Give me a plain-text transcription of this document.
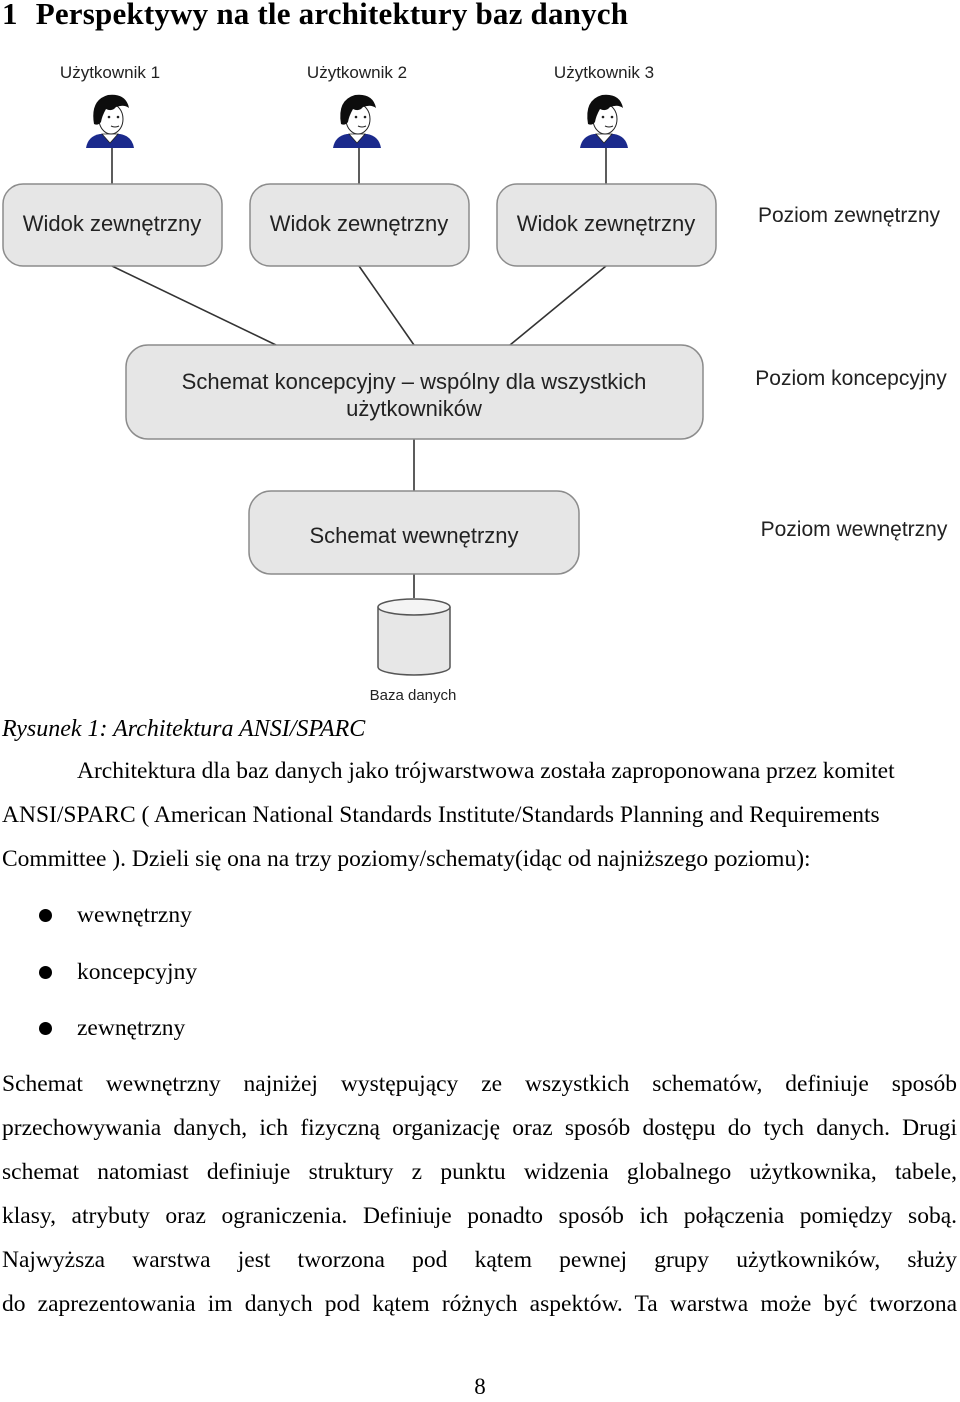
1 Perspektywy na tle architektury baz danych
Użytkownik 1	Użytkownik 2	Użytkownik 3
Widok zewnętrzny	Widok zewnętrzny	Widok zewnętrzny
Schemat koncepcyjny – wspólny dla wszystkich
użytkowników
Schemat wewnętrzny
Baza danych
Poziom zewnętrzny
Poziom koncepcyjny
Poziom wewnętrzny
Rysunek 1: Architektura ANSI/SPARC
Architektura dla baz danych jako trójwarstwowa została zaproponowana przez komitet
ANSI/SPARC ( American National Standards Institute/Standards Planning and Requirements
Committee ). Dzieli się ona na trzy poziomy/schematy(idąc od najniższego poziomu):
wewnętrzny
koncepcyjny
zewnętrzny
Schemat wewnętrzny najniżej występujący ze wszystkich schematów, definiuje sposób
przechowywania danych, ich fizyczną organizację oraz sposób dostępu do tych danych. Drugi
schemat natomiast definiuje struktury z punktu widzenia globalnego użytkownika, tabele,
klasy, atrybuty oraz ograniczenia. Definiuje ponadto sposób ich połączenia pomiędzy sobą.
Najwyższa warstwa jest tworzona pod kątem pewnej grupy użytkowników, służy
do zaprezentowania im danych pod kątem różnych aspektów. Ta warstwa może być tworzona
8
